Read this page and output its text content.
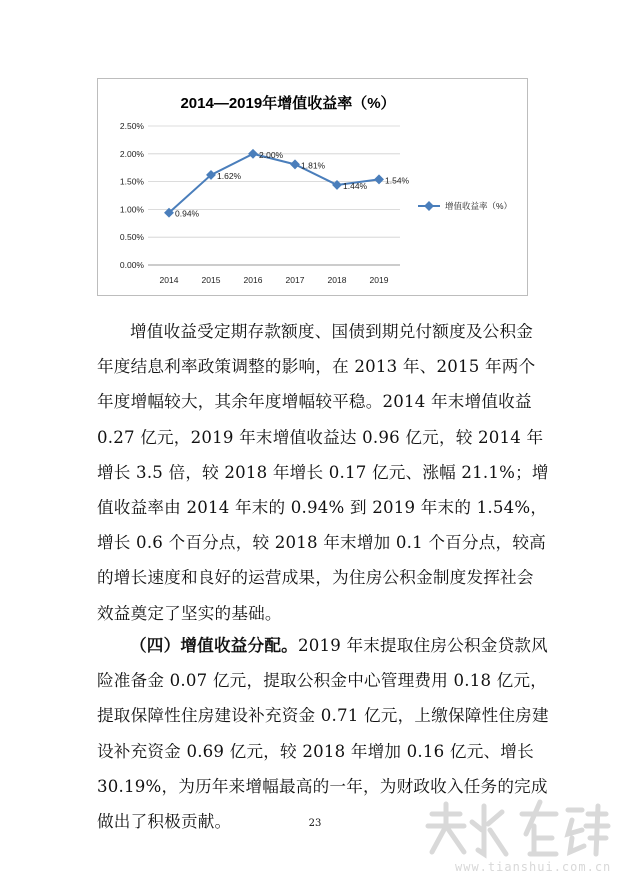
2014—2019年增值收益率（%）
0.00%
0.50%
1.00%
1.50%
2.00%
2.50%
2014	2015	2016	2017	2018	2019
0.94%
1.62%
2.00%
1.81%
1.44%
1.54%
增值收益率（%）

增值收益受定期存款额度、国债到期兑付额度及公积金年度结息利率政策调整的影响，在 2013 年、2015 年两个年度增幅较大，其余年度增幅较平稳。2014 年末增值收益 0.27 亿元，2019 年末增值收益达 0.96 亿元，较 2014 年增长 3.5 倍，较 2018 年增长 0.17 亿元、涨幅 21.1%；增值收益率由 2014 年末的 0.94% 到 2019 年末的 1.54%，增长 0.6 个百分点，较 2018 年末增加 0.1 个百分点，较高的增长速度和良好的运营成果，为住房公积金制度发挥社会效益奠定了坚实的基础。

（四）增值收益分配。2019 年末提取住房公积金贷款风险准备金 0.07 亿元，提取公积金中心管理费用 0.18 亿元，提取保障性住房建设补充资金 0.71 亿元，上缴保障性住房建设补充资金 0.69 亿元，较 2018 年增加 0.16 亿元、增长 30.19%，为历年来增幅最高的一年，为财政收入任务的完成做出了积极贡献。	23
www.tianshui.com.cn
